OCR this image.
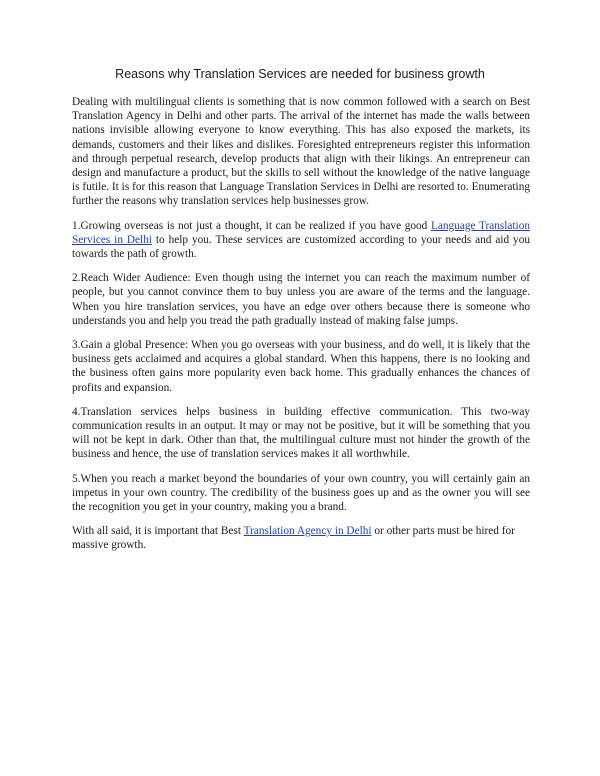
Reasons why Translation Services are needed for business growth

Dealing with multilingual clients is something that is now common followed with a search on Best Translation Agency in Delhi and other parts. The arrival of the internet has made the walls between nations invisible allowing everyone to know everything. This has also exposed the markets, its demands, customers and their likes and dislikes. Foresighted entrepreneurs register this information and through perpetual research, develop products that align with their likings. An entrepreneur can design and manufacture a product, but the skills to sell without the knowledge of the native language is futile. It is for this reason that Language Translation Services in Delhi are resorted to. Enumerating further the reasons why translation services help businesses grow.

1.Growing overseas is not just a thought, it can be realized if you have good Language Translation Services in Delhi to help you. These services are customized according to your needs and aid you towards the path of growth.

2.Reach Wider Audience: Even though using the internet you can reach the maximum number of people, but you cannot convince them to buy unless you are aware of the terms and the language. When you hire translation services, you have an edge over others because there is someone who understands you and help you tread the path gradually instead of making false jumps.

3.Gain a global Presence: When you go overseas with your business, and do well, it is likely that the business gets acclaimed and acquires a global standard. When this happens, there is no looking and the business often gains more popularity even back home. This gradually enhances the chances of profits and expansion.

4.Translation services helps business in building effective communication. This two-way communication results in an output. It may or may not be positive, but it will be something that you will not be kept in dark. Other than that, the multilingual culture must not hinder the growth of the business and hence, the use of translation services makes it all worthwhile.

5.When you reach a market beyond the boundaries of your own country, you will certainly gain an impetus in your own country. The credibility of the business goes up and as the owner you will see the recognition you get in your country, making you a brand.

With all said, it is important that Best Translation Agency in Delhi or other parts must be hired for massive growth.
